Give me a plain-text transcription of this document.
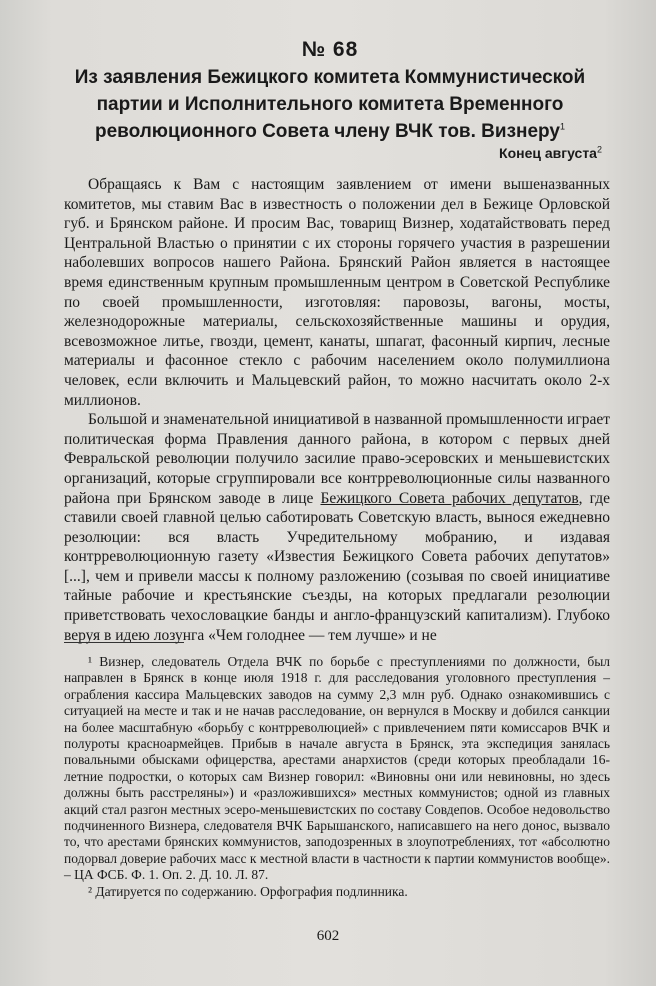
№ 68
Из заявления Бежицкого комитета Коммунистической партии и Исполнительного комитета Временного революционного Совета члену ВЧК тов. Визнеру$^1$
Конец августа$^2$

Обращаясь к Вам с настоящим заявлением от имени вышеназванных комитетов, мы ставим Вас в известность о положении дел в Бежице Орловской губ. и Брянском районе. И просим Вас, товарищ Визнер, ходатайствовать перед Центральной Властью о принятии с их стороны горячего участия в разрешении наболевших вопросов нашего Района. Брянский Район является в настоящее время единственным крупным промышленным центром в Советской Республике по своей промышленности, изготовляя: паровозы, вагоны, мосты, железнодорожные материалы, сельскохозяйственные машины и орудия, всевозможное литье, гвозди, цемент, канаты, шпагат, фасонный кирпич, лесные материалы и фасонное стекло с рабочим населением около полумиллиона человек, если включить и Мальцевский район, то можно насчитать около 2-х миллионов.

Большой и знаменательной инициативой в названной промышленности играет политическая форма Правления данного района, в котором с первых дней Февральской революции получило засилие право-эсеровских и меньшевистских организаций, которые сгруппировали все контрреволюционные силы названного района при Брянском заводе в лице Бежицкого Совета рабочих депутатов, где ставили своей главной целью саботировать Советскую власть, вынося ежедневно резолюции: вся власть Учредительному мобранию, и издавая контрреволюционную газету «Известия Бежицкого Совета рабочих депутатов» [...], чем и привели массы к полному разложению (созывая по своей инициативе тайные рабочие и крестьянские съезды, на которых предлагали резолюции приветствовать чехословацкие банды и англо-французский капитализм). Глубоко веруя в идею лозунга «Чем голоднее — тем лучше» и не

¹ Визнер, следователь Отдела ВЧК по борьбе с преступлениями по должности, был направлен в Брянск в конце июля 1918 г. для расследования уголовного преступления – ограбления кассира Мальцевских заводов на сумму 2,3 млн руб. Однако ознакомившись с ситуацией на месте и так и не начав расследование, он вернулся в Москву и добился санкции на более масштабную «борьбу с контрреволюцией» с привлечением пяти комиссаров ВЧК и полуроты красноармейцев. Прибыв в начале августа в Брянск, эта экспедиция занялась повальными обысками офицерства, арестами анархистов (среди которых преобладали 16-летние подростки, о которых сам Визнер говорил: «Виновны они или невиновны, но здесь должны быть расстреляны») и «разложившихся» местных коммунистов; одной из главных акций стал разгон местных эсеро-меньшевистских по составу Совдепов. Особое недовольство подчиненного Визнера, следователя ВЧК Барышанского, написавшего на него донос, вызвало то, что арестами брянских коммунистов, заподозренных в злоупотреблениях, тот «абсолютно подорвал доверие рабочих масс к местной власти в частности к партии коммунистов вообще». – ЦА ФСБ. Ф. 1. Оп. 2. Д. 10. Л. 87.

² Датируется по содержанию. Орфография подлинника.

602
